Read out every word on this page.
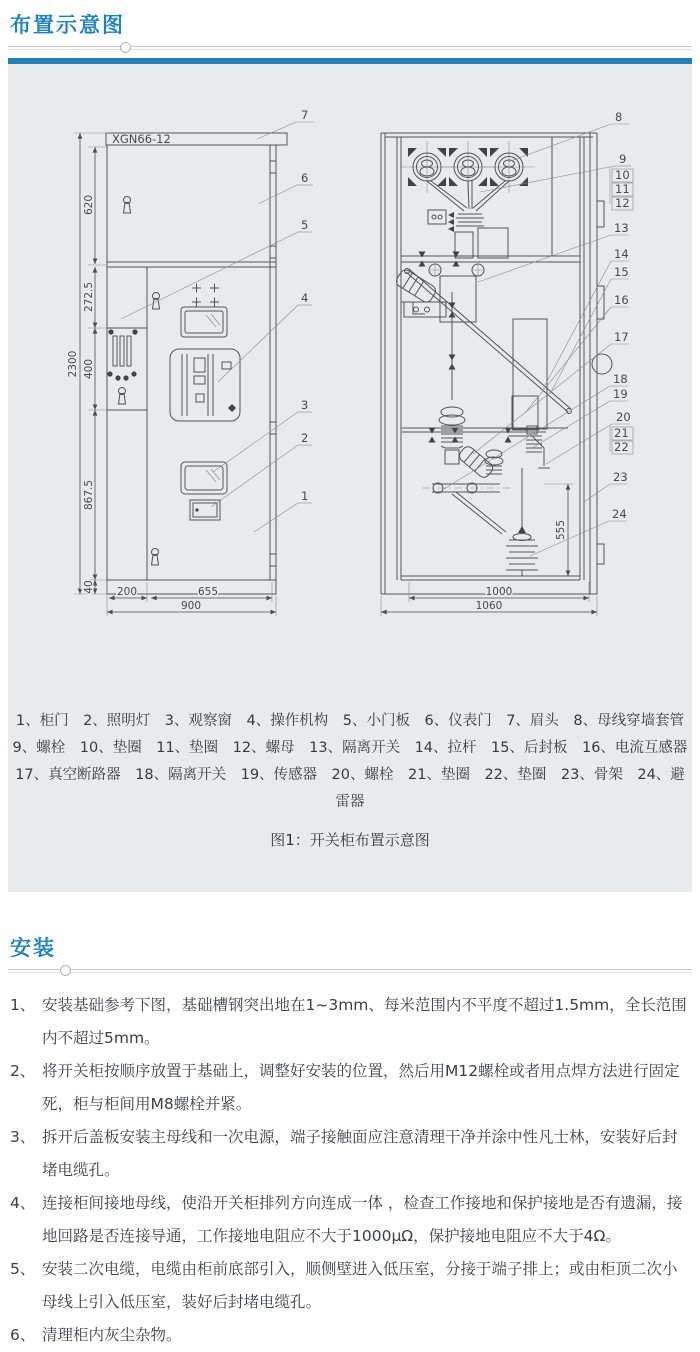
布置示意图
XGN66-12
2300
620
272.5
400
867.5
40 200	655
900
7
6
5
4
3
2
1
555
1000
1060
8
9
10
11
12
13
14
15
16
17
18
19
20
21
22
23
24
1、柜门　2、照明灯　3、观察窗　4、操作机构　5、小门板　6、仪表门　7、眉头　8、母线穿墙套管
9、螺栓　10、垫圈　11、垫圈　12、螺母　13、隔离开关　14、拉杆　15、后封板　16、电流互感器
17、真空断路器　18、隔离开关　19、传感器　20、螺栓　21、垫圈　22、垫圈　23、骨架　24、避雷器
图1：开关柜布置示意图
安装
1、 安装基础参考下图，基础槽钢突出地在1~3mm、每米范围内不平度不超过1.5mm，全长范围内不超过5mm。
2、 将开关柜按顺序放置于基础上，调整好安装的位置，然后用M12螺栓或者用点焊方法进行固定死，柜与柜间用M8螺栓并紧。
3、 拆开后盖板安装主母线和一次电源，端子接触面应注意清理干净并涂中性凡士林，安装好后封堵电缆孔。
4、 连接柜间接地母线，使沿开关柜排列方向连成一体 ，检查工作接地和保护接地是否有遗漏，接地回路是否连接导通，工作接地电阻应不大于1000μΩ，保护接地电阻应不大于4Ω。
5、 安装二次电缆，电缆由柜前底部引入，顺侧壁进入低压室，分接于端子排上；或由柜顶二次小母线上引入低压室，装好后封堵电缆孔。
6、 清理柜内灰尘杂物。
